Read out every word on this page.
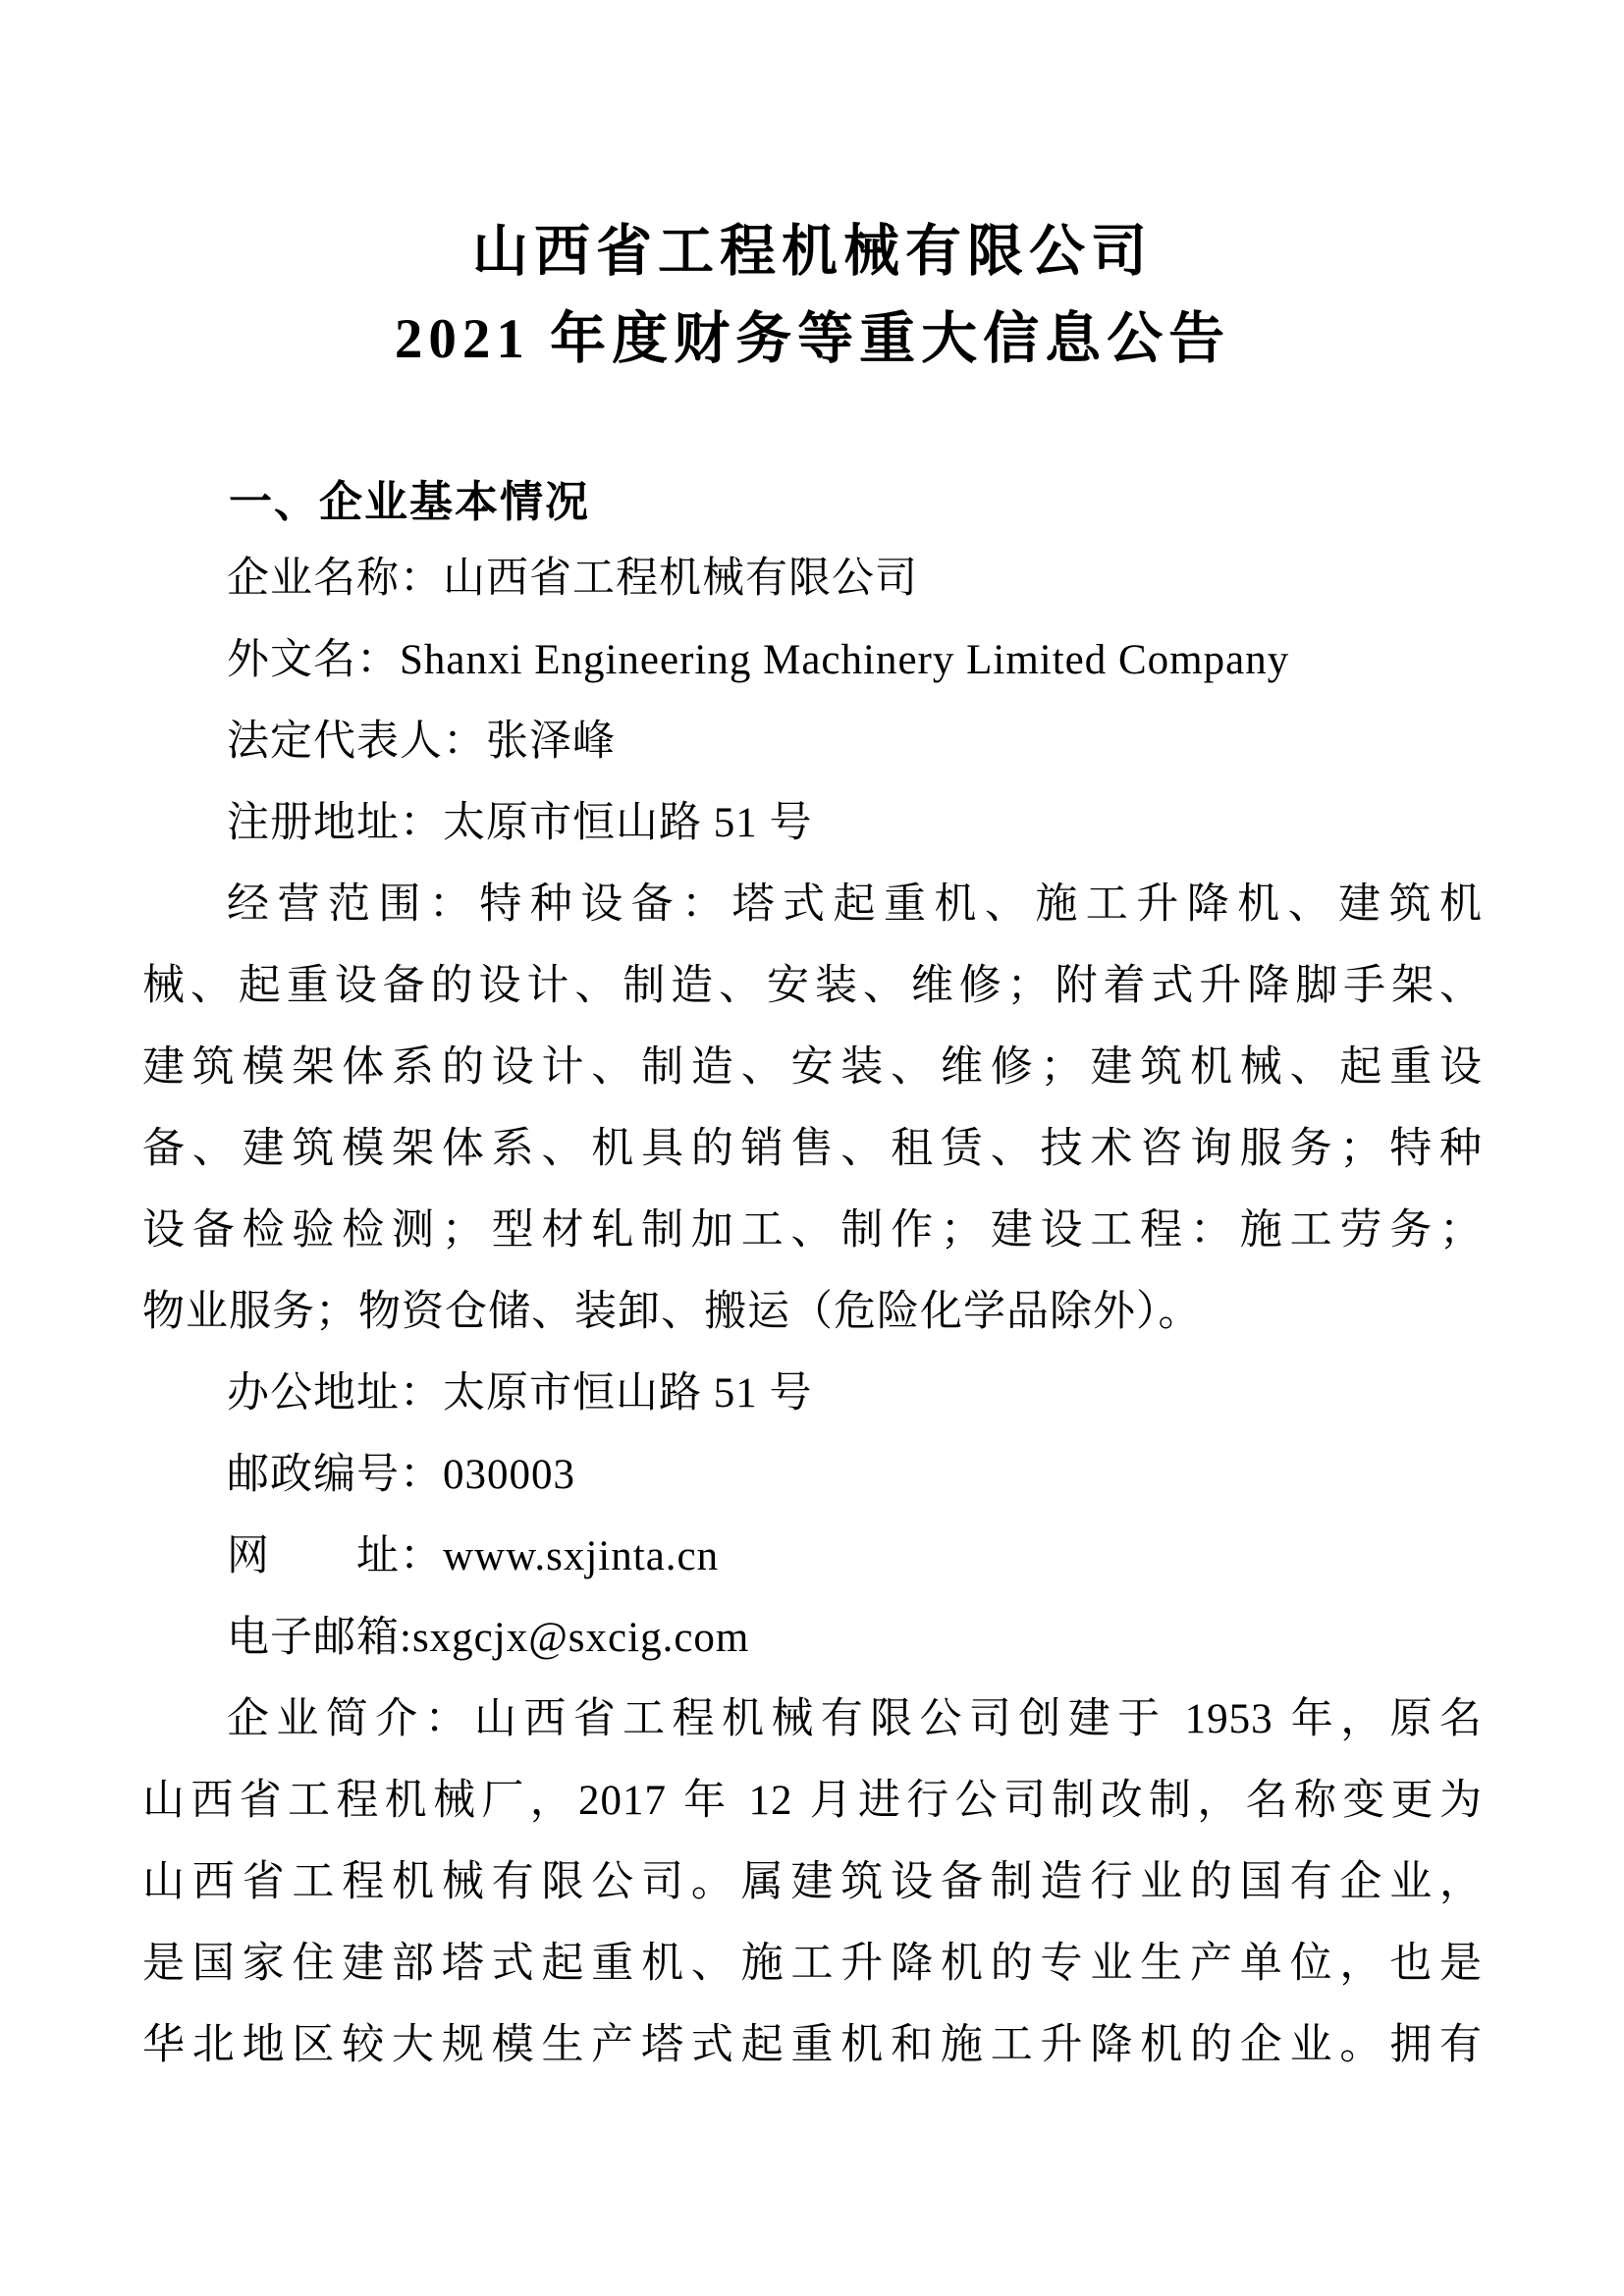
山西省工程机械有限公司
2021 年度财务等重大信息公告
一、企业基本情况
企业名称：山西省工程机械有限公司
外文名：Shanxi Engineering Machinery Limited Company
法定代表人：张泽峰
注册地址：太原市恒山路 51 号
经营范围：特种设备：塔式起重机、施工升降机、建筑机
械、起重设备的设计、制造、安装、维修；附着式升降脚手架、
建筑模架体系的设计、制造、安装、维修；建筑机械、起重设
备、建筑模架体系、机具的销售、租赁、技术咨询服务；特种
设备检验检测；型材轧制加工、制作；建设工程：施工劳务；
物业服务；物资仓储、装卸、搬运（危险化学品除外）。
办公地址：太原市恒山路 51 号
邮政编号：030003
网　　址：www.sxjinta.cn
电子邮箱:sxgcjx@sxcig.com
企业简介：山西省工程机械有限公司创建于 1953 年，原名
山西省工程机械厂，2017 年 12 月进行公司制改制，名称变更为
山西省工程机械有限公司。属建筑设备制造行业的国有企业，
是国家住建部塔式起重机、施工升降机的专业生产单位，也是
华北地区较大规模生产塔式起重机和施工升降机的企业。拥有
